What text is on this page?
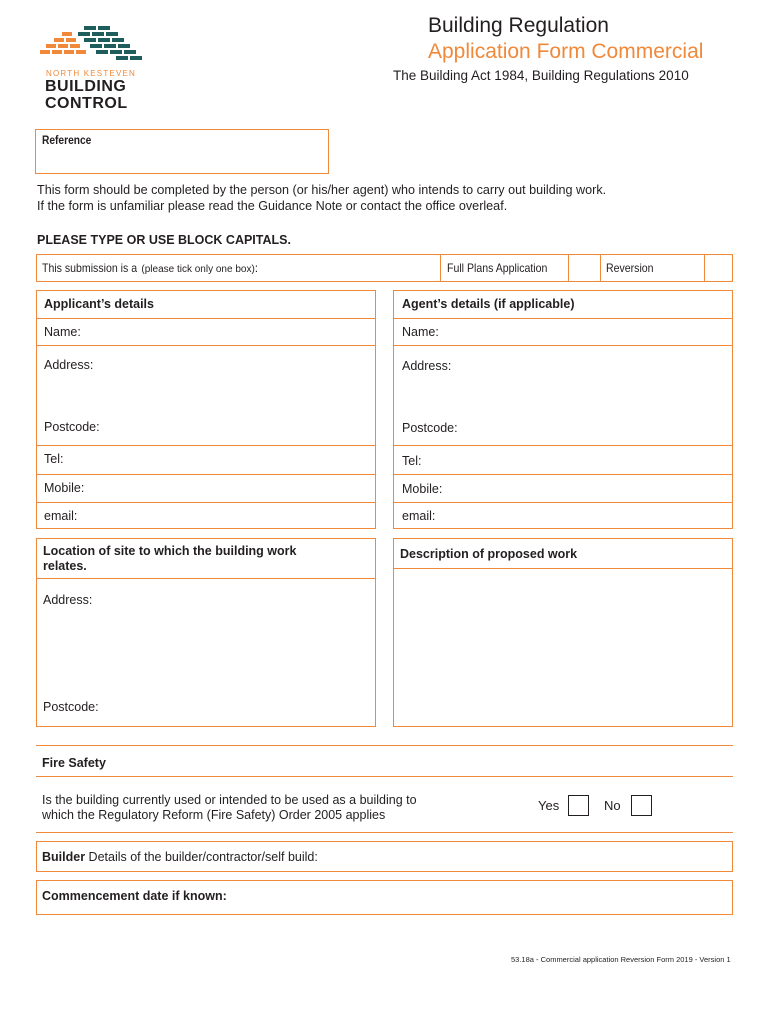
NORTH KESTEVEN
BUILDING
CONTROL
Building Regulation
Application Form Commercial
The Building Act 1984, Building Regulations 2010
Reference
This form should be completed by the person (or his/her agent) who intends to carry out building work.
If the form is unfamiliar please read the Guidance Note or contact the office overleaf.
PLEASE TYPE OR USE BLOCK CAPITALS.
This submission is a (please tick only one box):	Full Plans Application	Reversion
Applicant’s details
Name:
Address:
Postcode:
Tel:
Mobile:
email:
Agent’s details (if applicable)
Name:
Address:
Postcode:
Tel:
Mobile:
email:
Location of site to which the building work
relates.
Address:
Postcode:
Description of proposed work
Fire Safety
Is the building currently used or intended to be used as a building to
which the Regulatory Reform (Fire Safety) Order 2005 applies
Yes	No
Builder Details of the builder/contractor/self build:
Commencement date if known:
53.18a - Commercial application Reversion Form 2019 - Version 1
